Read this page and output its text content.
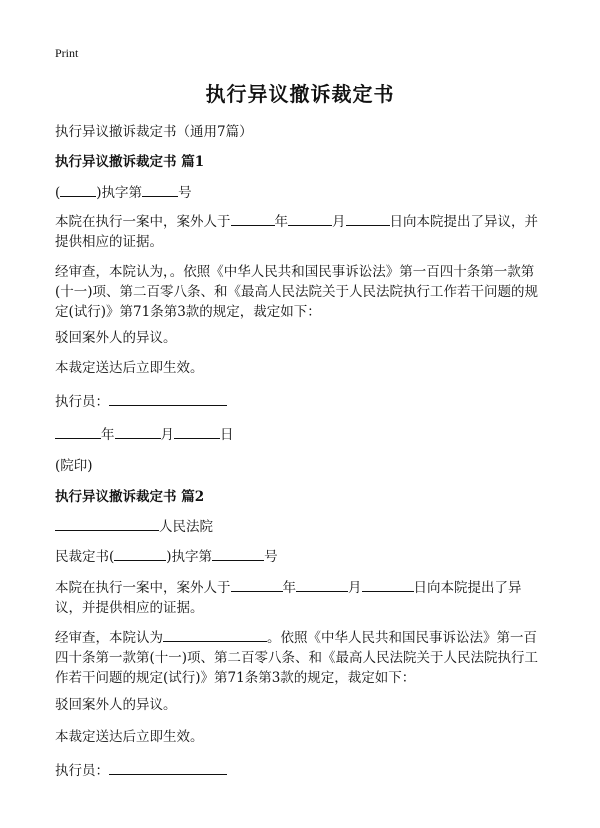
Print
执行异议撤诉裁定书

执行异议撤诉裁定书（通用7篇）

执行异议撤诉裁定书 篇1

(	)执字第	号

本院在执行一案中，案外人于	年	月	日向本院提出了异议，并提供相应的证据。

经审查，本院认为，。依照《中华人民共和国民事诉讼法》第一百四十条第一款第(十一)项、第二百零八条、和《最高人民法院关于人民法院执行工作若干问题的规定(试行)》第71条第3款的规定，裁定如下：

驳回案外人的异议。

本裁定送达后立即生效。

执行员：

年	月	日

(院印)

执行异议撤诉裁定书 篇2

人民法院

民裁定书(	)执字第	号

本院在执行一案中，案外人于	年	月	日向本院提出了异议，并提供相应的证据。

经审查，本院认为	。依照《中华人民共和国民事诉讼法》第一百四十条第一款第(十一)项、第二百零八条、和《最高人民法院关于人民法院执行工作若干问题的规定(试行)》第71条第3款的规定，裁定如下：

驳回案外人的异议。

本裁定送达后立即生效。

执行员：
